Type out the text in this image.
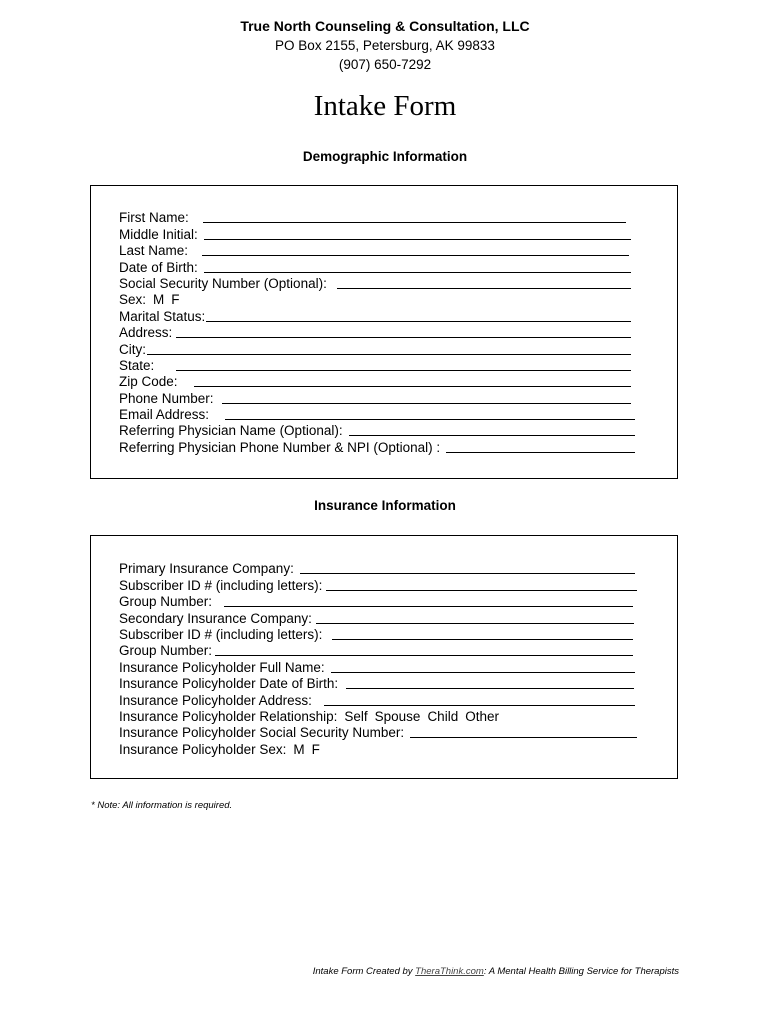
True North Counseling & Consultation, LLC
PO Box 2155, Petersburg, AK 99833
(907) 650-7292
Intake Form
Demographic Information
First Name:
Middle Initial:
Last Name:
Date of Birth:
Social Security Number (Optional):
Sex: M F
Marital Status:
Address:
City:
State:
Zip Code:
Phone Number:
Email Address:
Referring Physician Name (Optional):
Referring Physician Phone Number & NPI (Optional) :
Insurance Information
Primary Insurance Company:
Subscriber ID # (including letters):
Group Number:
Secondary Insurance Company:
Subscriber ID # (including letters):
Group Number:
Insurance Policyholder Full Name:
Insurance Policyholder Date of Birth:
Insurance Policyholder Address:
Insurance Policyholder Relationship: Self Spouse Child Other
Insurance Policyholder Social Security Number:
Insurance Policyholder Sex: M F
* Note: All information is required.
Intake Form Created by TheraThink.com: A Mental Health Billing Service for Therapists
